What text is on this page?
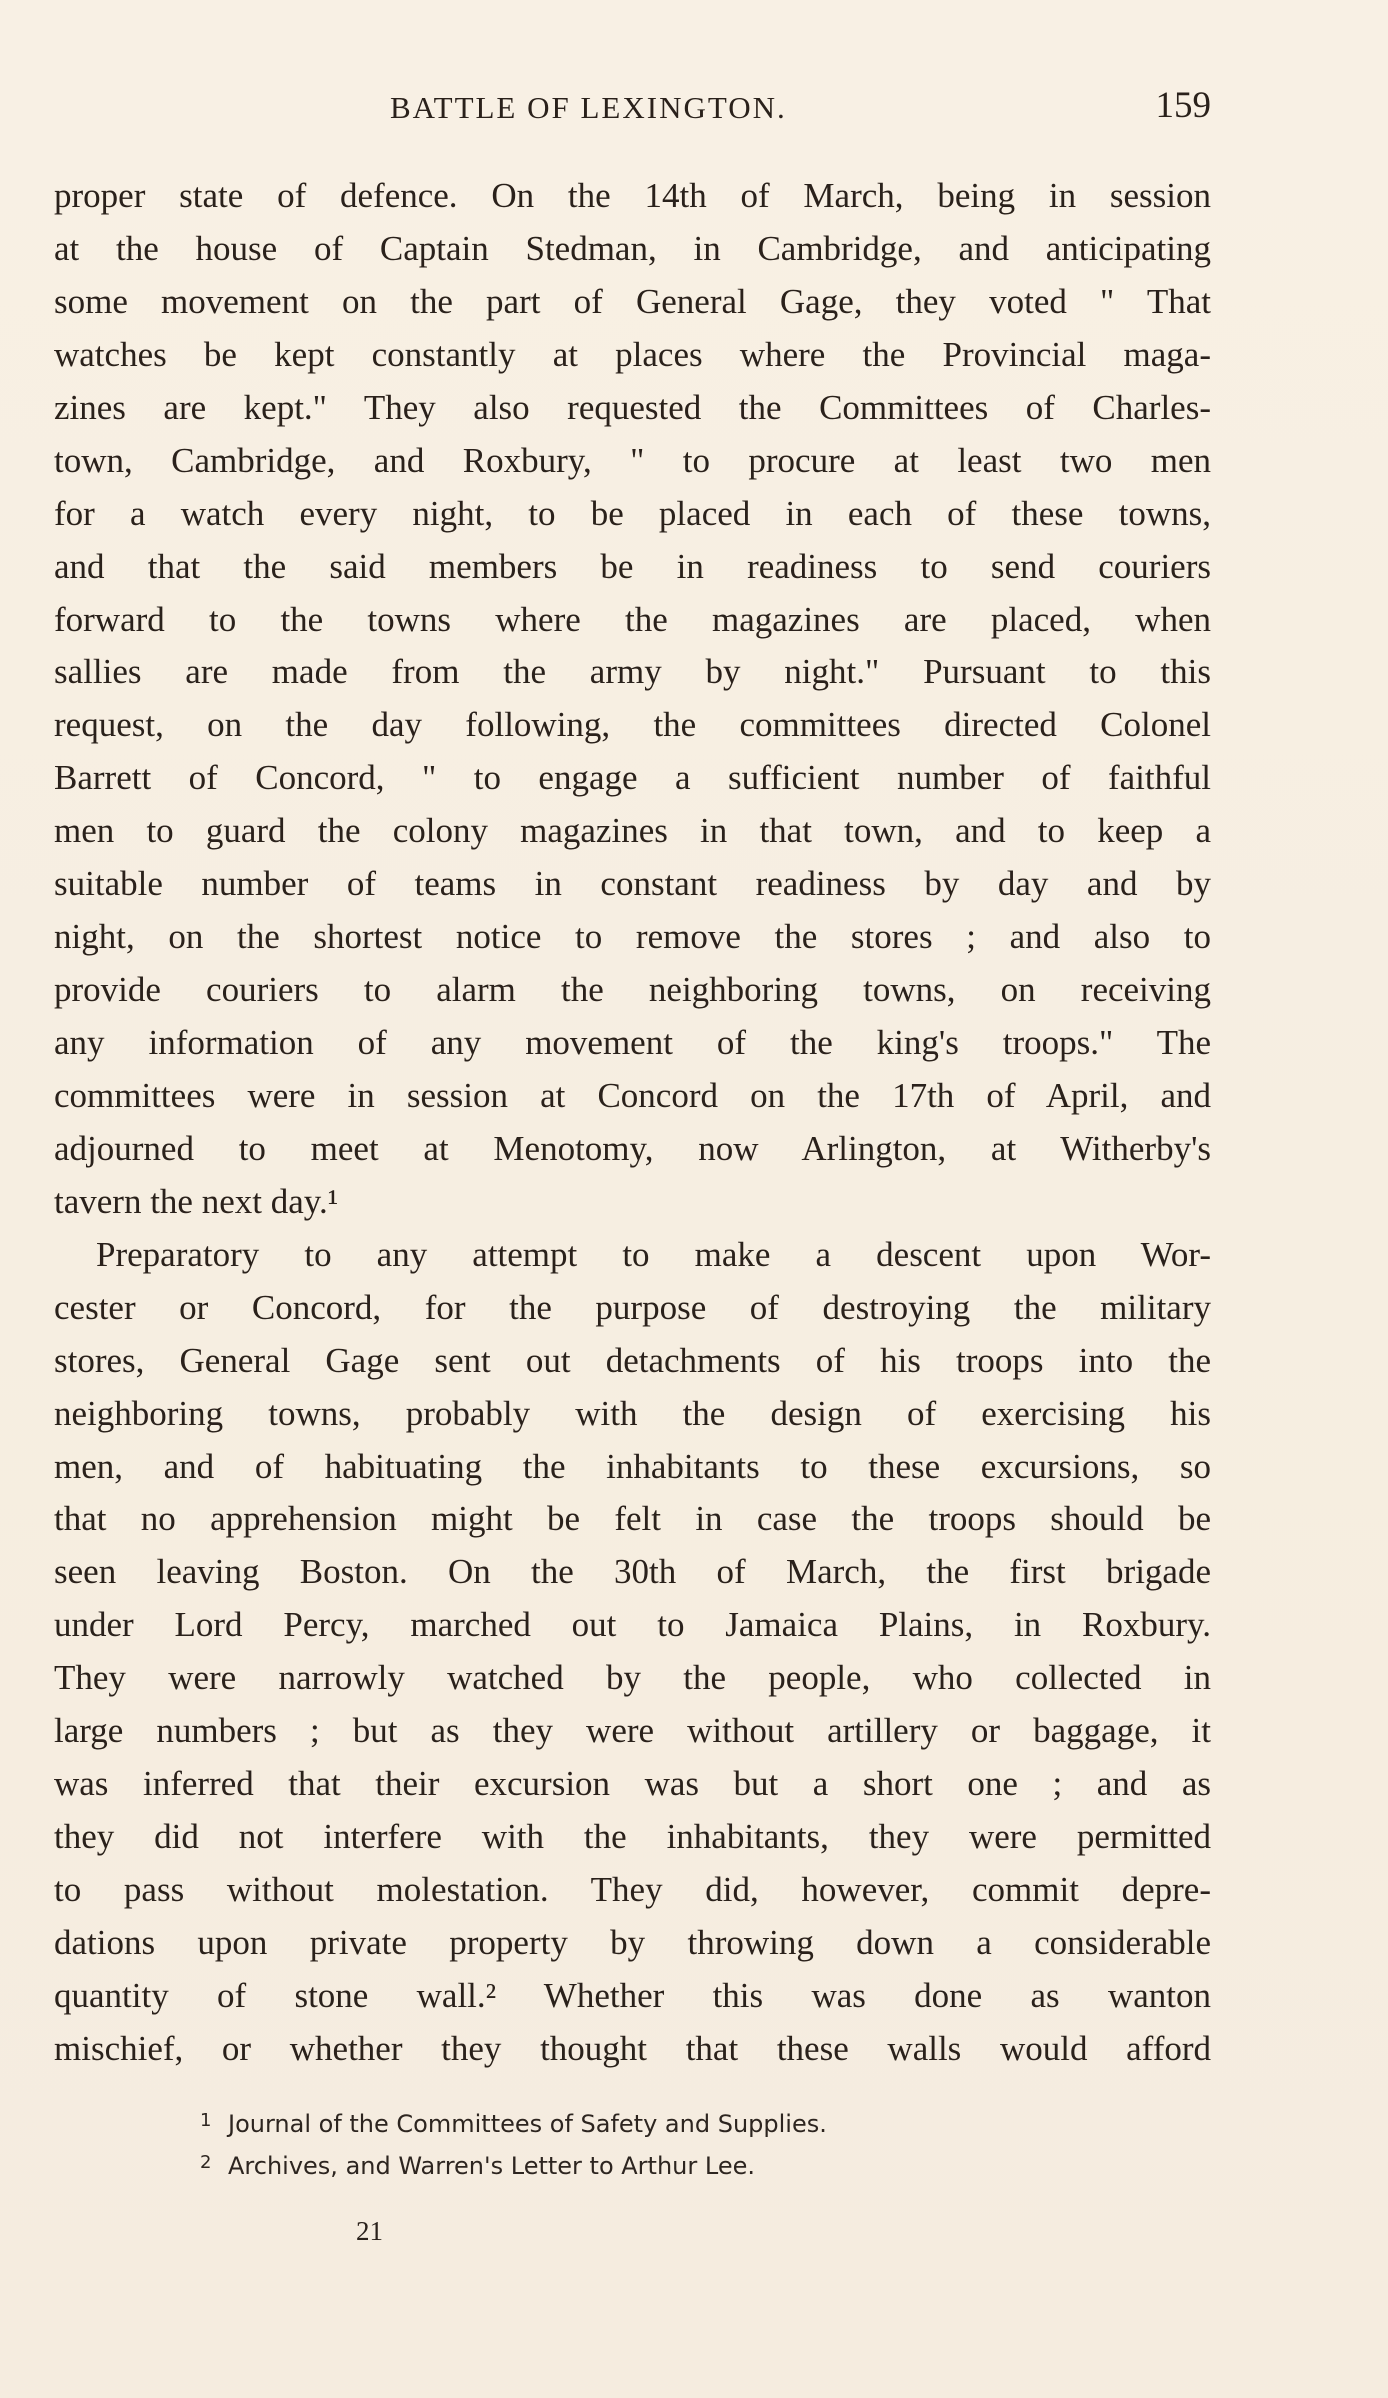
BATTLE OF LEXINGTON.	159
proper state of defence. On the 14th of March, being in session
at the house of Captain Stedman, in Cambridge, and anticipating
some movement on the part of General Gage, they voted " That
watches be kept constantly at places where the Provincial maga-
zines are kept." They also requested the Committees of Charles-
town, Cambridge, and Roxbury, " to procure at least two men
for a watch every night, to be placed in each of these towns,
and that the said members be in readiness to send couriers
forward to the towns where the magazines are placed, when
sallies are made from the army by night." Pursuant to this
request, on the day following, the committees directed Colonel
Barrett of Concord, " to engage a sufficient number of faithful
men to guard the colony magazines in that town, and to keep a
suitable number of teams in constant readiness by day and by
night, on the shortest notice to remove the stores ; and also to
provide couriers to alarm the neighboring towns, on receiving
any information of any movement of the king's troops." The
committees were in session at Concord on the 17th of April, and
adjourned to meet at Menotomy, now Arlington, at Witherby's
tavern the next day.¹
Preparatory to any attempt to make a descent upon Wor-
cester or Concord, for the purpose of destroying the military
stores, General Gage sent out detachments of his troops into the
neighboring towns, probably with the design of exercising his
men, and of habituating the inhabitants to these excursions, so
that no apprehension might be felt in case the troops should be
seen leaving Boston. On the 30th of March, the first brigade
under Lord Percy, marched out to Jamaica Plains, in Roxbury.
They were narrowly watched by the people, who collected in
large numbers ; but as they were without artillery or baggage, it
was inferred that their excursion was but a short one ; and as
they did not interfere with the inhabitants, they were permitted
to pass without molestation. They did, however, commit depre-
dations upon private property by throwing down a considerable
quantity of stone wall.² Whether this was done as wanton
mischief, or whether they thought that these walls would afford
1 Journal of the Committees of Safety and Supplies.
2 Archives, and Warren's Letter to Arthur Lee.
21
